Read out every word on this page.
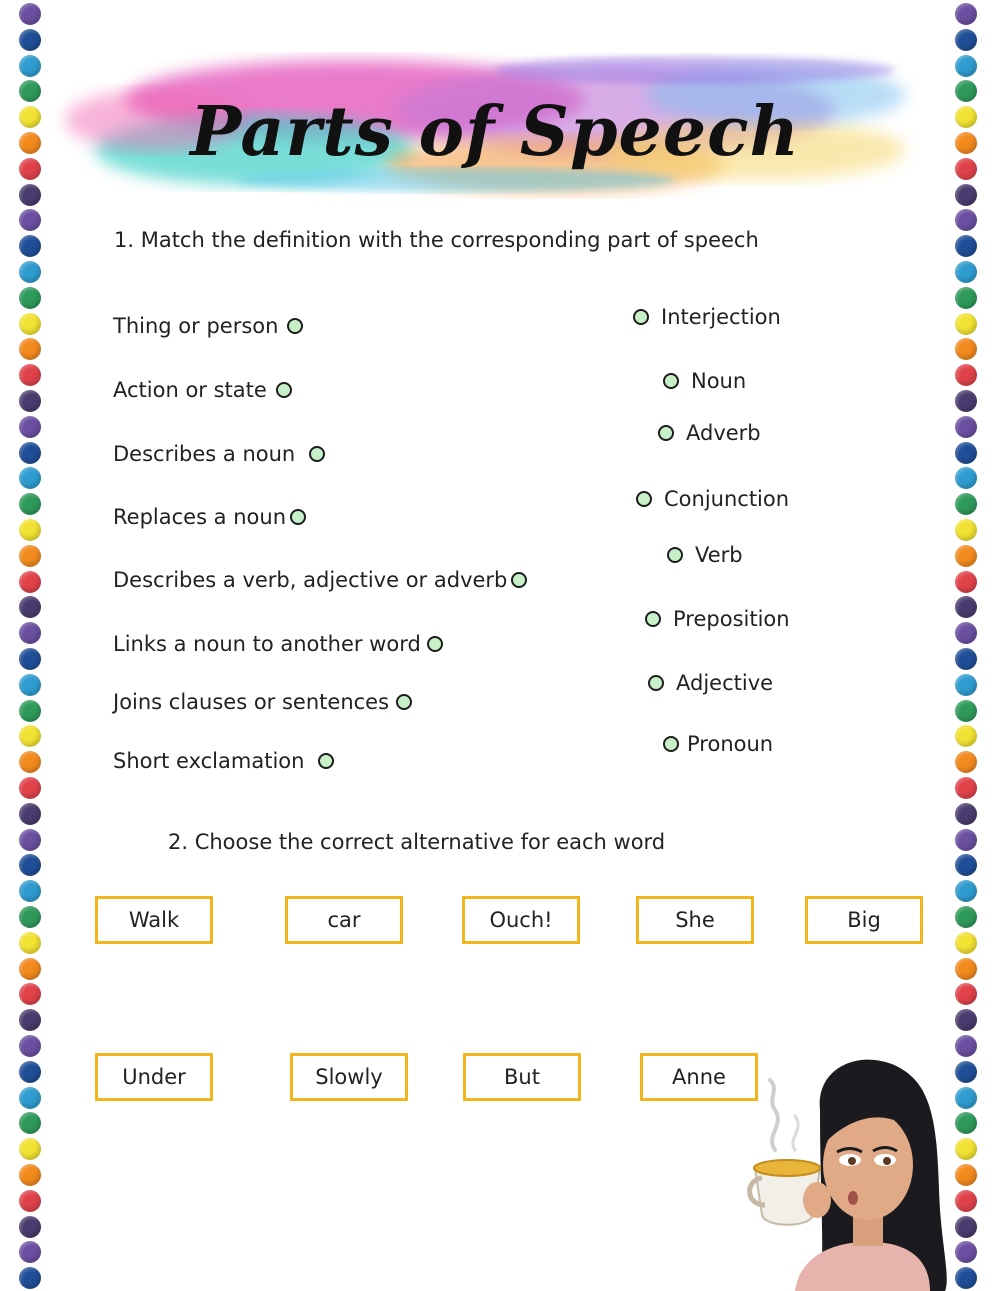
Parts of Speech
1. Match the definition with the corresponding part of speech
Thing or person
Action or state
Describes a noun
Replaces a noun
Describes a verb, adjective or adverb
Links a noun to another word
Joins clauses or sentences
Short exclamation
Interjection
Noun
Adverb
Conjunction
Verb
Preposition
Adjective
Pronoun
2. Choose the correct alternative for each word
Walk	car	Ouch!	She	Big
Under	Slowly	But	Anne
